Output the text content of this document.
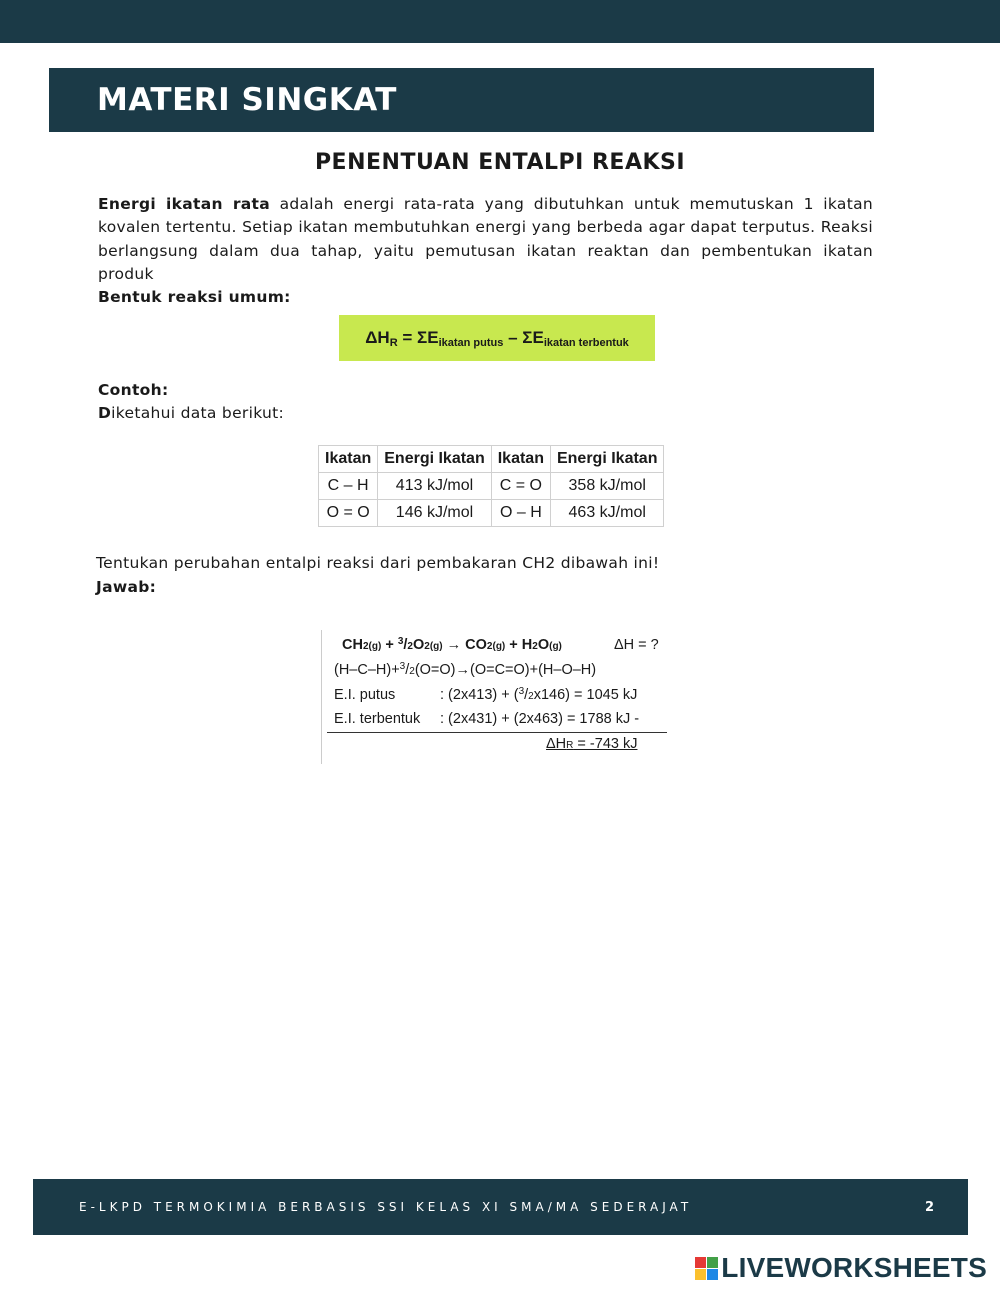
MATERI SINGKAT
PENENTUAN ENTALPI REAKSI

Energi ikatan rata adalah energi rata-rata yang dibutuhkan untuk memutuskan 1 ikatan kovalen tertentu. Setiap ikatan membutuhkan energi yang berbeda agar dapat terputus. Reaksi berlangsung dalam dua tahap, yaitu pemutusan ikatan reaktan dan pembentukan ikatan produk

Bentuk reaksi umum:
$\Delta H_R = \Sigma E_{ikatan putus} - \Sigma E_{ikatan terbentuk}$
Contoh:
Diketahui data berikut:
Ikatan	Energi Ikatan	Ikatan	Energi Ikatan
C – H	413 kJ/mol	C = O	358 kJ/mol
O = O	146 kJ/mol	O – H	463 kJ/mol
Tentukan perubahan entalpi reaksi dari pembakaran CH2 dibawah ini!
Jawab:
CH2(g) + $^3$/2O2(g) → CO2(g) + H2O(g)	ΔH = ?
(H–C–H)+$^3$/2(O=O)→(O=C=O)+(H–O–H)
E.I. putus	: (2x413) + ($^3$/2x146) = 1045 kJ
E.I. terbentuk : (2x431) + (2x463) = 1788 kJ -
ΔHR = -743 kJ
E-LKPD TERMOKIMIA BERBASIS SSI KELAS XI SMA/MA SEDERAJAT	2
LIVEWORKSHEETS
